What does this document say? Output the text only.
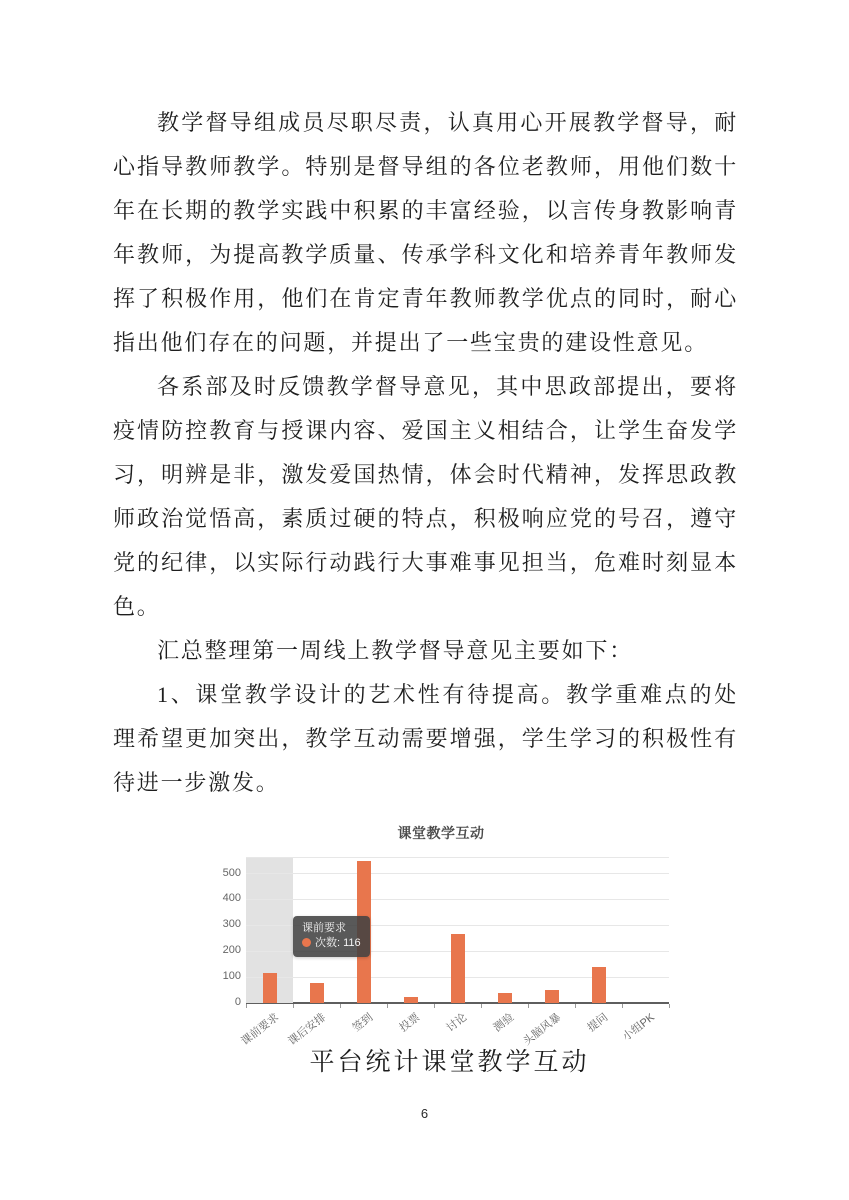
教学督导组成员尽职尽责，认真用心开展教学督导，耐心指导教师教学。特别是督导组的各位老教师，用他们数十年在长期的教学实践中积累的丰富经验，以言传身教影响青年教师，为提高教学质量、传承学科文化和培养青年教师发挥了积极作用，他们在肯定青年教师教学优点的同时，耐心指出他们存在的问题，并提出了一些宝贵的建设性意见。

各系部及时反馈教学督导意见，其中思政部提出，要将疫情防控教育与授课内容、爱国主义相结合，让学生奋发学习，明辨是非，激发爱国热情，体会时代精神，发挥思政教师政治觉悟高，素质过硬的特点，积极响应党的号召，遵守党的纪律，以实际行动践行大事难事见担当，危难时刻显本色。

汇总整理第一周线上教学督导意见主要如下：

1、课堂教学设计的艺术性有待提高。教学重难点的处理希望更加突出，教学互动需要增强，学生学习的积极性有待进一步激发。

课堂教学互动
课前要求 课后安排 签到 投票 讨论 测验 头脑风暴 提问 小组PK
0
100
200
300
400
500
课前要求
次数: 116
平台统计课堂教学互动
6
